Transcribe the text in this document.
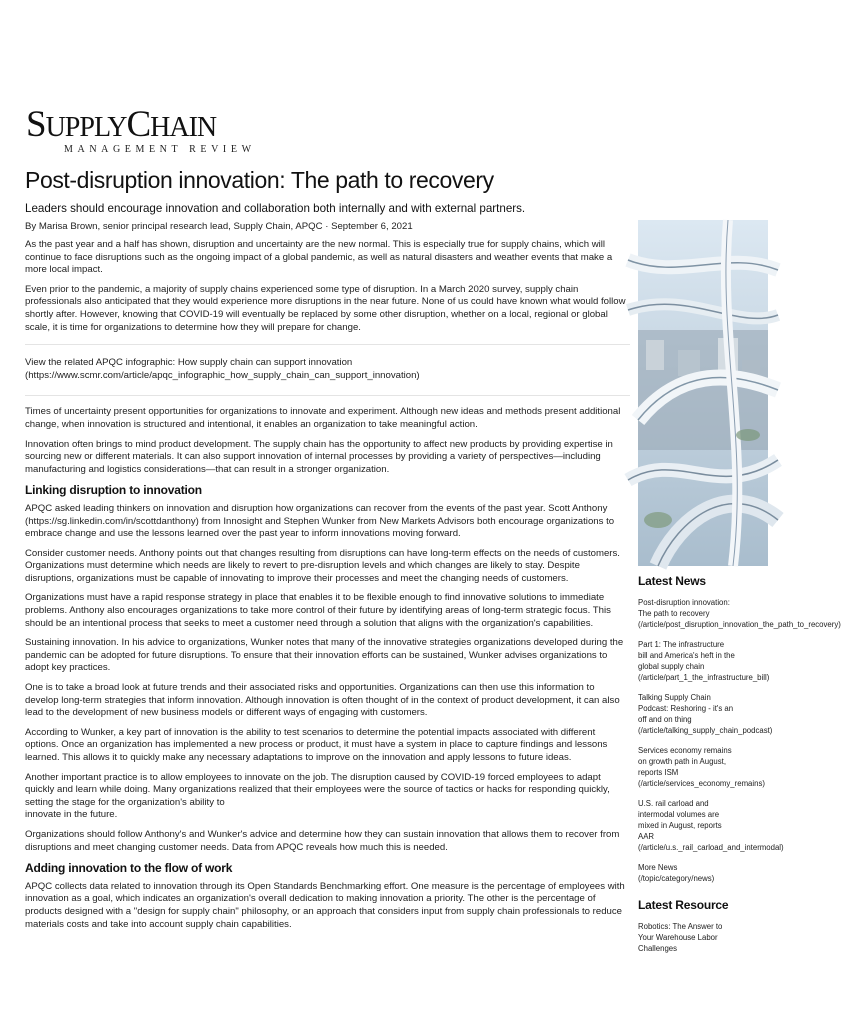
SUPPLYCHAIN
MANAGEMENT REVIEW
Post-disruption innovation: The path to recovery
Leaders should encourage innovation and collaboration both internally and with external partners.
By Marisa Brown, senior principal research lead, Supply Chain, APQC · September 6, 2021

As the past year and a half has shown, disruption and uncertainty are the new normal. This is especially true for supply chains, which will continue to face disruptions such as the ongoing impact of a global pandemic, as well as natural disasters and weather events that make a more local impact.

Even prior to the pandemic, a majority of supply chains experienced some type of disruption. In a March 2020 survey, supply chain professionals also anticipated that they would experience more disruptions in the near future. None of us could have known what would follow shortly after. However, knowing that COVID-19 will eventually be replaced by some other disruption, whether on a local, regional or global scale, it is time for organizations to determine how they will prepare for change.

View the related APQC infographic: How supply chain can support innovation
(https://www.scmr.com/article/apqc_infographic_how_supply_chain_can_support_innovation)

Times of uncertainty present opportunities for organizations to innovate and experiment. Although new ideas and methods present additional change, when innovation is structured and intentional, it enables an organization to take meaningful action.

Innovation often brings to mind product development. The supply chain has the opportunity to affect new products by providing expertise in sourcing new or different materials. It can also support innovation of internal processes by providing a variety of perspectives—including manufacturing and logistics considerations—that can result in a stronger organization.

Linking disruption to innovation

APQC asked leading thinkers on innovation and disruption how organizations can recover from the events of the past year. Scott Anthony (https://sg.linkedin.com/in/scottdanthony) from Innosight and Stephen Wunker from New Markets Advisors both encourage organizations to embrace change and use the lessons learned over the past year to inform innovations moving forward.

Consider customer needs. Anthony points out that changes resulting from disruptions can have long-term effects on the needs of customers. Organizations must determine which needs are likely to revert to pre-disruption levels and which changes are likely to stay. Despite disruptions, organizations must be capable of innovating to improve their processes and meet the changing needs of customers.

Organizations must have a rapid response strategy in place that enables it to be flexible enough to find innovative solutions to immediate problems. Anthony also encourages organizations to take more control of their future by identifying areas of long-term strategic focus. This should be an intentional process that seeks to meet a customer need through a solution that aligns with the organization's capabilities.

Sustaining innovation. In his advice to organizations, Wunker notes that many of the innovative strategies organizations developed during the pandemic can be adopted for future disruptions. To ensure that their innovation efforts can be sustained, Wunker advises organizations to adopt key practices.

One is to take a broad look at future trends and their associated risks and opportunities. Organizations can then use this information to develop long-term strategies that inform innovation. Although innovation is often thought of in the context of product development, it can also lead to the development of new business models or different ways of engaging with customers.

According to Wunker, a key part of innovation is the ability to test scenarios to determine the potential impacts associated with different options. Once an organization has implemented a new process or product, it must have a system in place to capture findings and lessons learned. This allows it to quickly make any necessary adaptations to improve on the innovation and apply lessons to future ideas.

Another important practice is to allow employees to innovate on the job. The disruption caused by COVID-19 forced employees to adapt quickly and learn while doing. Many organizations realized that their employees were the source of tactics or hacks for responding quickly, setting the stage for the organization's ability to
innovate in the future.

Organizations should follow Anthony's and Wunker's advice and determine how they can sustain innovation that allows them to recover from disruptions and meet changing customer needs. Data from APQC reveals how much this is needed.

Adding innovation to the flow of work

APQC collects data related to innovation through its Open Standards Benchmarking effort. One measure is the percentage of employees with innovation as a goal, which indicates an organization's overall dedication to making innovation a priority. The other is the percentage of products designed with a "design for supply chain" philosophy, or an approach that considers input from supply chain professionals to reduce materials costs and take into account supply chain capabilities.

Latest News
Post-disruption innovation:
The path to recovery
(/article/post_disruption_innovation_the_path_to_recovery)
Part 1: The infrastructure
bill and America's heft in the
global supply chain
(/article/part_1_the_infrastructure_bill)
Talking Supply Chain
Podcast: Reshoring - it's an
off and on thing
(/article/talking_supply_chain_podcast)
Services economy remains
on growth path in August,
reports ISM
(/article/services_economy_remains)
U.S. rail carload and
intermodal volumes are
mixed in August, reports
AAR
(/article/u.s._rail_carload_and_intermodal)
More News
(/topic/category/news)
Latest Resource
Robotics: The Answer to
Your Warehouse Labor
Challenges
